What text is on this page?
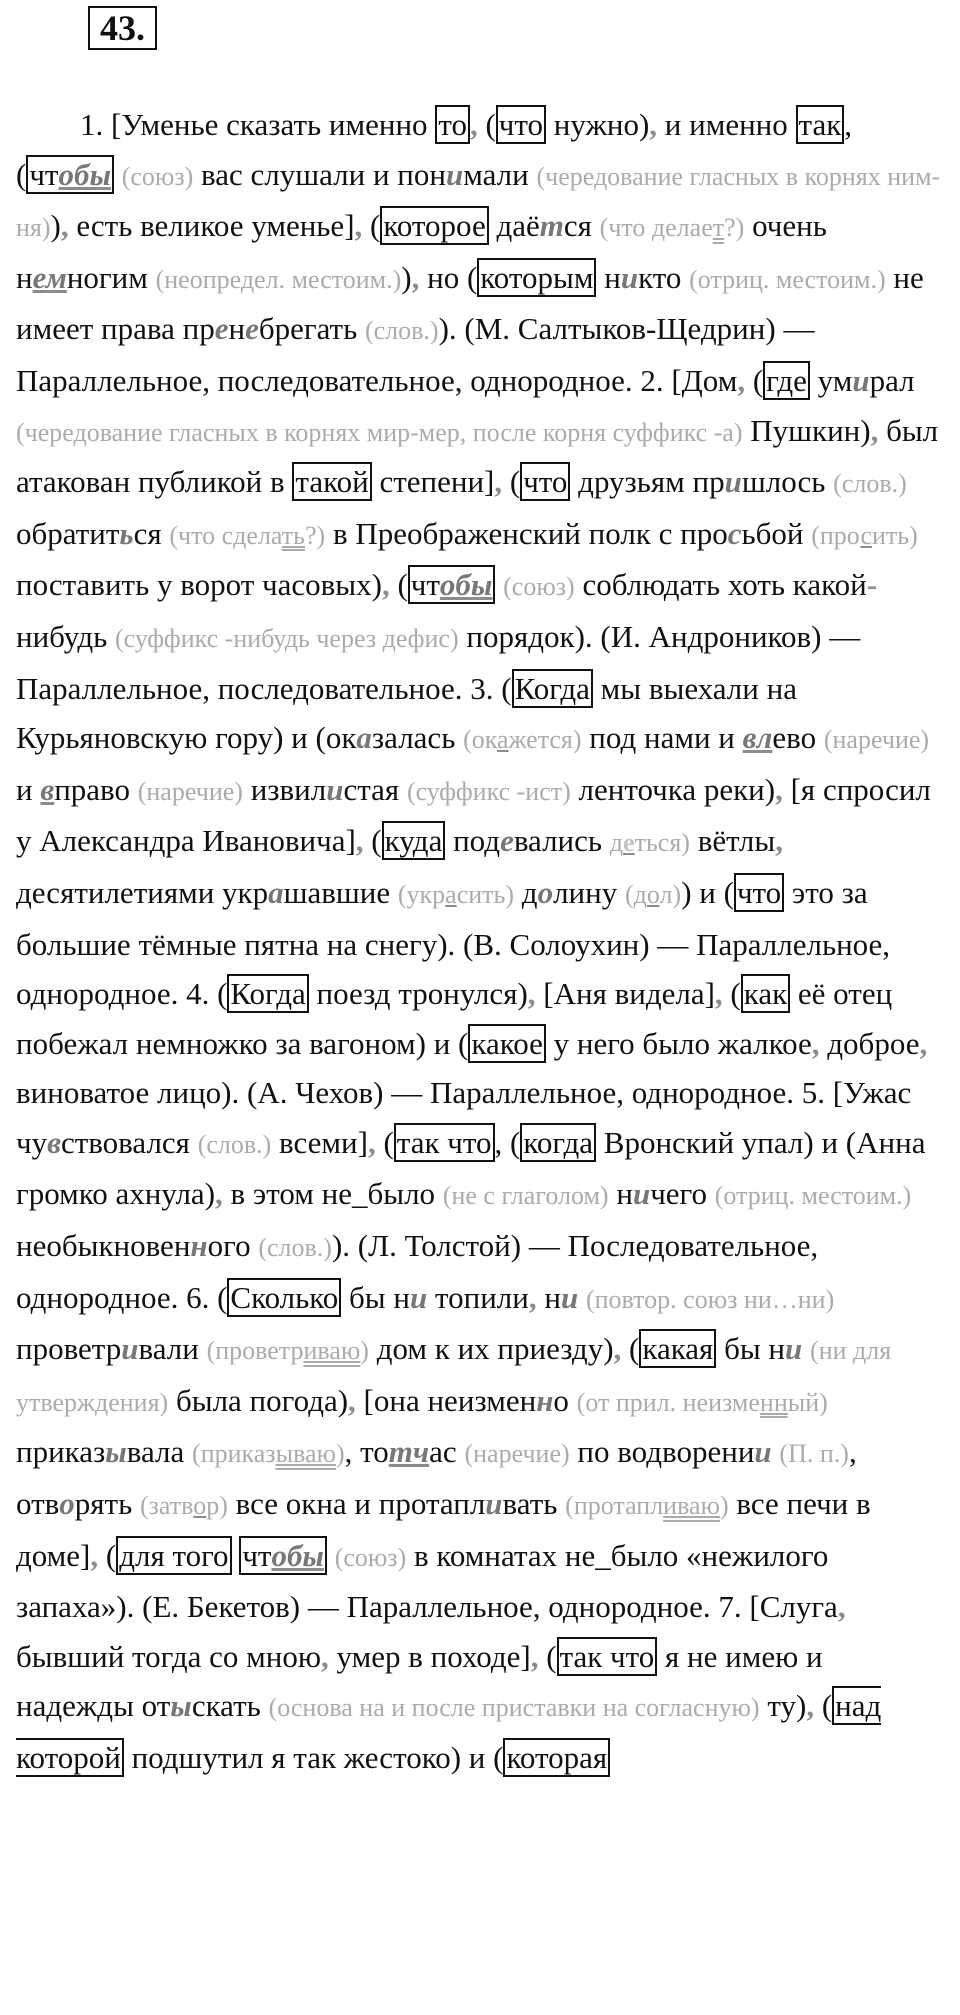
43.

1. [Уменье сказать именно то, (что нужно), и именно так, (чтобы (союз) вас слушали и понимали (чередование гласных в корнях ним-ня)), есть великое уменье], (которое даётся (что делает?) очень немногим (неопредел. местоим.)), но (которым никто (отриц. местоим.) не имеет права пренебрегать (слов.)). (М. Салтыков-Щедрин) — Параллельное, последовательное, однородное. 2. [Дом, (где умирал (чередование гласных в корнях мир-мер, после корня суффикс -а) Пушкин), был атакован публикой в такой степени], (что друзьям пришлось (слов.) обратиться (что сделать?) в Преображенский полк с просьбой (просить) поставить у ворот часовых), (чтобы (союз) соблюдать хоть какой-нибудь (суффикс -нибудь через дефис) порядок). (И. Андроников) — Параллельное, последовательное. 3. (Когда мы выехали на Курьяновскую гору) и (оказалась (окажется) под нами и влево (наречие) и вправо (наречие) извилистая (суффикс -ист) ленточка реки), [я спросил у Александра Ивановича], (куда подевались деться) вётлы, десятилетиями украшавшие (украсить) долину (дол)) и (что это за большие тёмные пятна на снегу). (В. Солоухин) — Параллельное, однородное. 4. (Когда поезд тронулся), [Аня видела], (как её отец побежал немножко за вагоном) и (какое у него было жалкое, доброе, виноватое лицо). (А. Чехов) — Параллельное, однородное. 5. [Ужас чувствовался (слов.) всеми], (так что, (когда Вронский упал) и (Анна громко ахнула), в этом не_было (не с глаголом) ничего (отриц. местоим.) необыкновенного (слов.)). (Л. Толстой) — Последовательное, однородное. 6. (Сколько бы ни топили, ни (повтор. союз ни…ни) проветривали (проветриваю) дом к их приезду), (какая бы ни (ни для утверждения) была погода), [она неизменно (от прил. неизменный) приказывала (приказываю), тотчас (наречие) по водворении (П. п.), отворять (затвор) все окна и протапливать (протапливаю) все печи в доме], (для того чтобы (союз) в комнатах не_было «нежилого запаха»). (Е. Бекетов) — Параллельное, однородное. 7. [Слуга, бывший тогда со мною, умер в походе], (так что я не имею и надежды отыскать (основа на и после приставки на согласную) ту), (над которой подшутил я так жестоко) и (которая
